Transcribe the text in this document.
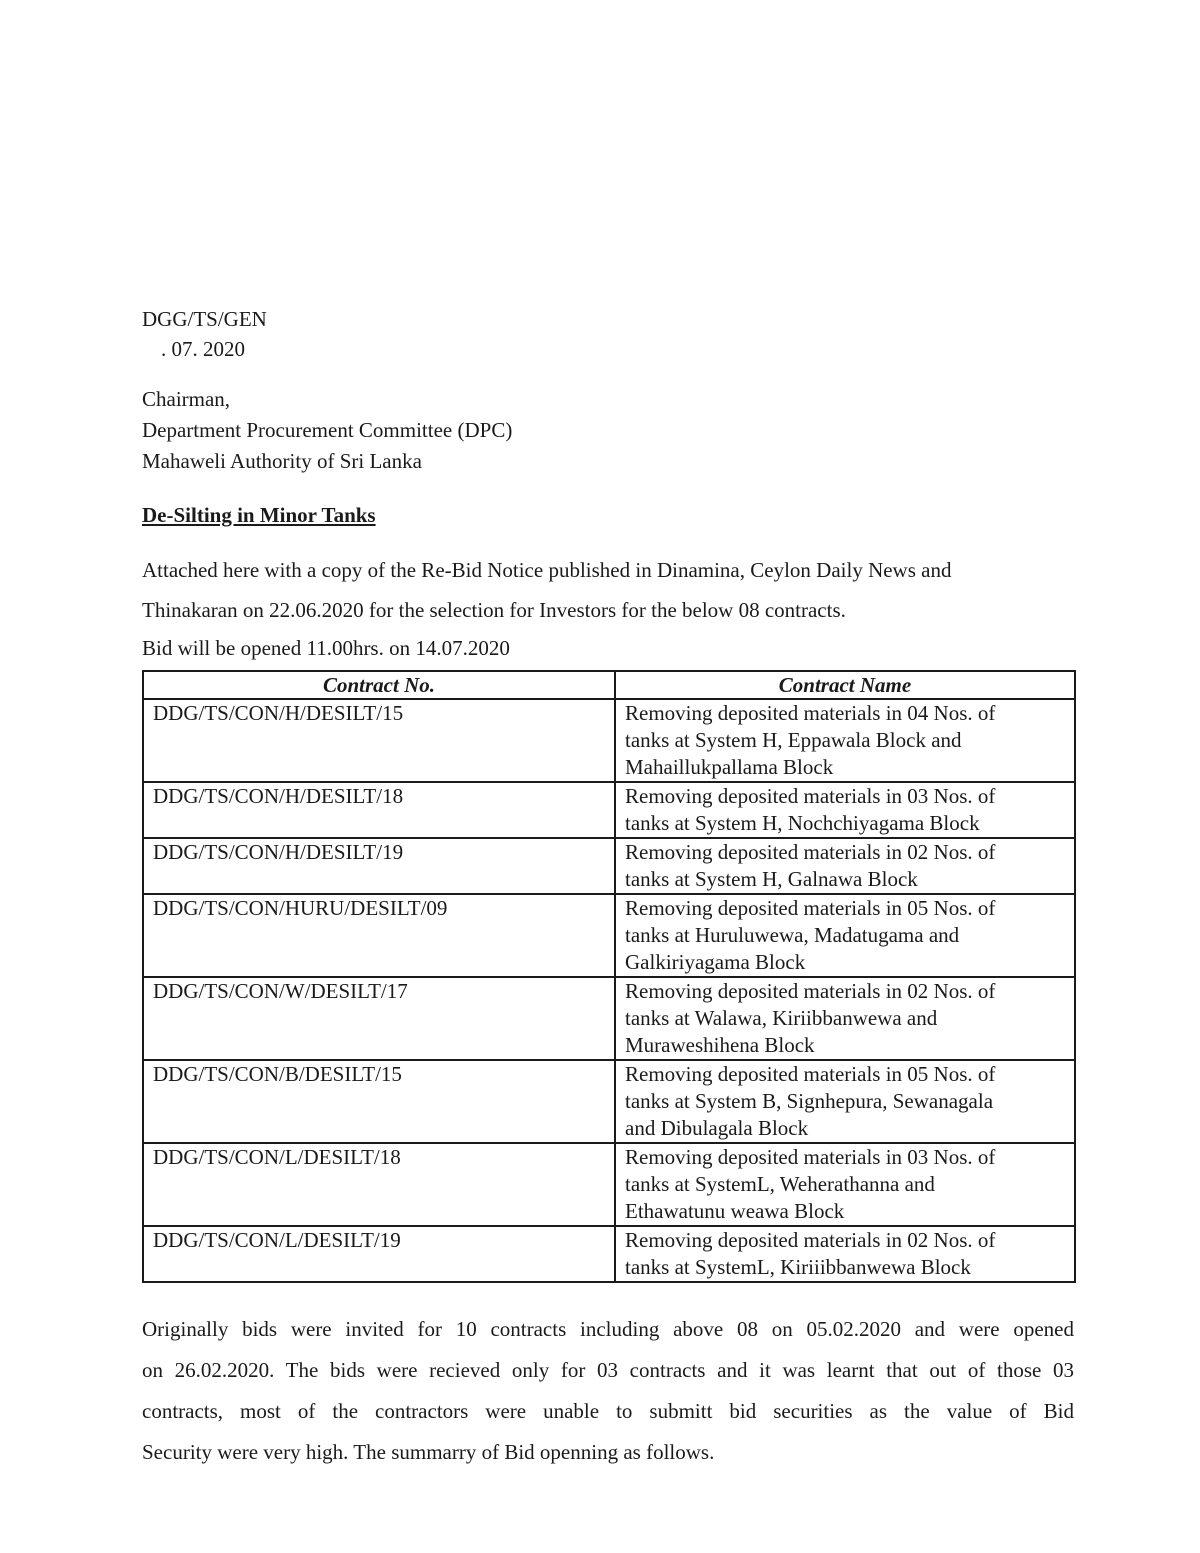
DGG/TS/GEN
. 07. 2020
Chairman,
Department Procurement Committee (DPC)
Mahaweli Authority of Sri Lanka
De-Silting in Minor Tanks
Attached here with a copy of the Re-Bid Notice published in Dinamina, Ceylon Daily News and
Thinakaran on 22.06.2020 for the selection for Investors for the below 08 contracts.
Bid will be opened 11.00hrs. on 14.07.2020
Contract No.	Contract Name
DDG/TS/CON/H/DESILT/15	Removing deposited materials in 04 Nos. of
tanks at System H, Eppawala Block and
Mahaillukpallama Block

DDG/TS/CON/H/DESILT/18	Removing deposited materials in 03 Nos. of
tanks at System H, Nochchiyagama Block

DDG/TS/CON/H/DESILT/19	Removing deposited materials in 02 Nos. of
tanks at System H, Galnawa Block

DDG/TS/CON/HURU/DESILT/09	Removing deposited materials in 05 Nos. of
tanks at Huruluwewa, Madatugama and
Galkiriyagama Block

DDG/TS/CON/W/DESILT/17	Removing deposited materials in 02 Nos. of
tanks at Walawa, Kiriibbanwewa and
Muraweshihena Block

DDG/TS/CON/B/DESILT/15	Removing deposited materials in 05 Nos. of
tanks at System B, Signhepura, Sewanagala
and Dibulagala Block

DDG/TS/CON/L/DESILT/18	Removing deposited materials in 03 Nos. of
tanks at SystemL, Weherathanna and
Ethawatunu weawa Block

DDG/TS/CON/L/DESILT/19	Removing deposited materials in 02 Nos. of
tanks at SystemL, Kiriiibbanwewa Block
Originally bids were invited for 10 contracts including above 08 on 05.02.2020 and were opened
on 26.02.2020. The bids were recieved only for 03 contracts and it was learnt that out of those 03
contracts, most of the contractors were unable to submitt bid securities as the value of Bid
Security were very high. The summarry of Bid openning as follows.
